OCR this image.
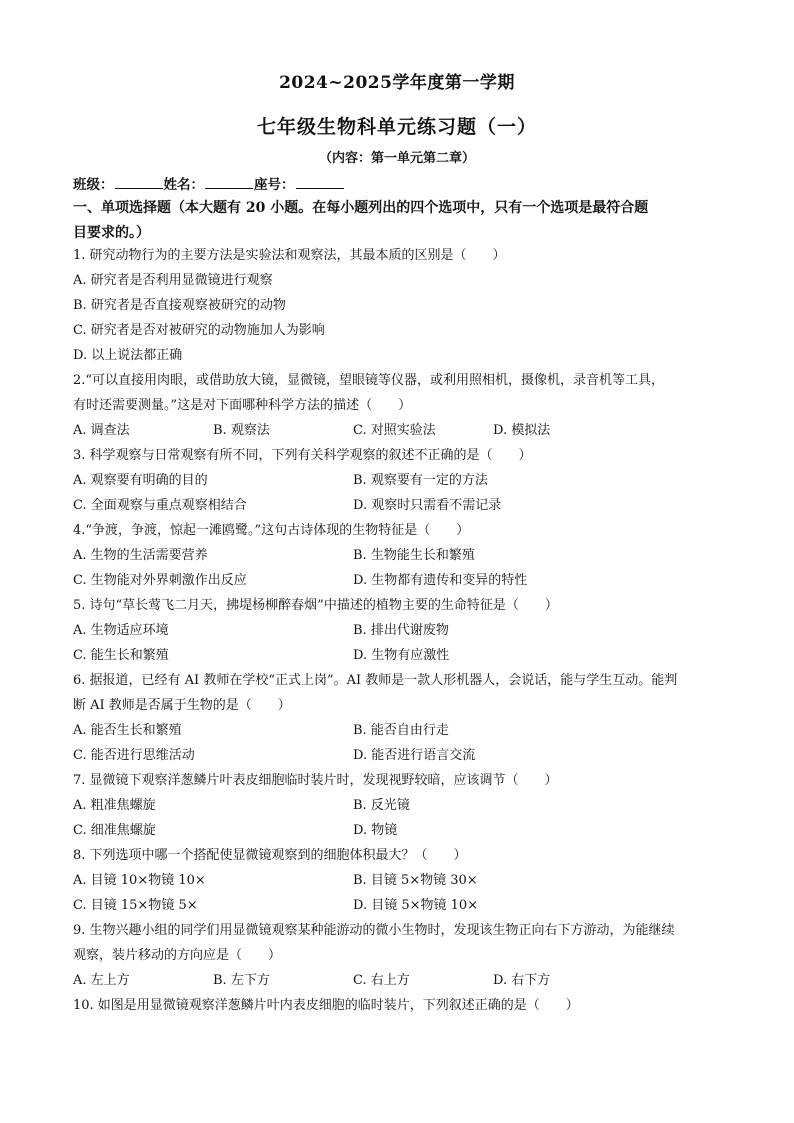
2024~2025学年度第一学期
七年级生物科单元练习题（一）
（内容：第一单元第二章）
班级：	姓名：	座号：
一、单项选择题（本大题有 20 小题。在每小题列出的四个选项中，只有一个选项是最符合题
目要求的。）
1. 研究动物行为的主要方法是实验法和观察法，其最本质的区别是（　　）
A. 研究者是否利用显微镜进行观察
B. 研究者是否直接观察被研究的动物
C. 研究者是否对被研究的动物施加人为影响
D. 以上说法都正确
2.“可以直接用肉眼，或借助放大镜，显微镜，望眼镜等仪器，或利用照相机，摄像机，录音机等工具，
有时还需要测量。”这是对下面哪种科学方法的描述（　　）
A. 调查法	B. 观察法	C. 对照实验法	D. 模拟法
3. 科学观察与日常观察有所不同，下列有关科学观察的叙述不正确的是（　　）
A. 观察要有明确的目的	B. 观察要有一定的方法
C. 全面观察与重点观察相结合	D. 观察时只需看不需记录
4.“争渡，争渡，惊起一滩鸥鹭。”这句古诗体现的生物特征是（　　）
A. 生物的生活需要营养	B. 生物能生长和繁殖
C. 生物能对外界刺激作出反应	D. 生物都有遗传和变异的特性
5. 诗句“草长莺飞二月天，拂堤杨柳醉春烟”中描述的植物主要的生命特征是（　　）
A. 生物适应环境	B. 排出代谢废物
C. 能生长和繁殖	D. 生物有应激性
6. 据报道，已经有 AI 教师在学校“正式上岗”。AI 教师是一款人形机器人，会说话，能与学生互动。能判
断 AI 教师是否属于生物的是（　　）
A. 能否生长和繁殖	B. 能否自由行走
C. 能否进行思维活动	D. 能否进行语言交流
7. 显微镜下观察洋葱鳞片叶表皮细胞临时装片时，发现视野较暗，应该调节（　　）
A. 粗准焦螺旋	B. 反光镜
C. 细准焦螺旋	D. 物镜
8. 下列选项中哪一个搭配使显微镜观察到的细胞体积最大？（　　）
A. 目镜 10×物镜 10×	B. 目镜 5×物镜 30×
C. 目镜 15×物镜 5×	D. 目镜 5×物镜 10×
9. 生物兴趣小组的同学们用显微镜观察某种能游动的微小生物时，发现该生物正向右下方游动，为能继续
观察，装片移动的方向应是（　　）
A. 左上方	B. 左下方	C. 右上方	D. 右下方
10. 如图是用显微镜观察洋葱鳞片叶内表皮细胞的临时装片，下列叙述正确的是（　　）
